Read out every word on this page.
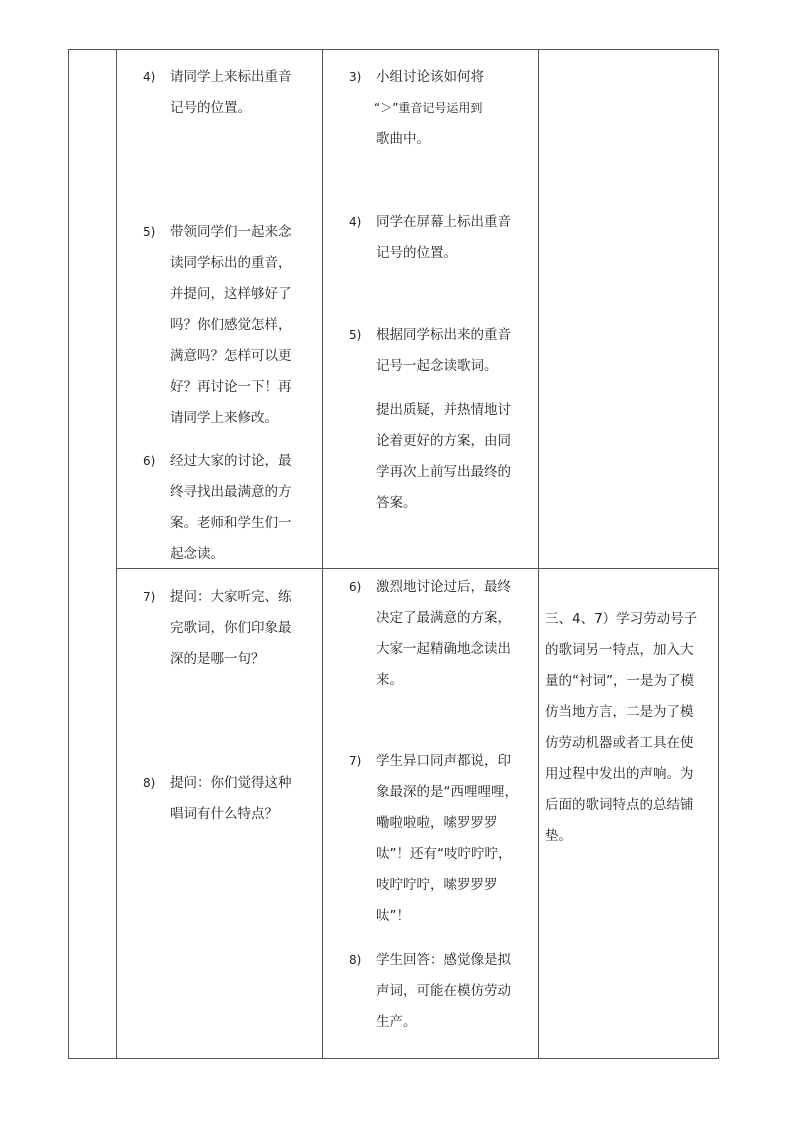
4) 请同学上来标出重音记号的位置。
5) 带领同学们一起来念读同学标出的重音，并提问，这样够好了吗？你们感觉怎样，满意吗？怎样可以更好？再讨论一下！再请同学上来修改。
6) 经过大家的讨论，最终寻找出最满意的方案。老师和学生们一起念读。
3) 小组讨论该如何将
“＞”重音记号运用到
歌曲中。
4) 同学在屏幕上标出重音记号的位置。
5) 根据同学标出来的重音记号一起念读歌词。
提出质疑，并热情地讨论着更好的方案，由同学再次上前写出最终的答案。
7) 提问：大家听完、练完歌词，你们印象最深的是哪一句？
8) 提问：你们觉得这种唱词有什么特点？
6) 激烈地讨论过后，最终决定了最满意的方案，大家一起精确地念读出来。
7) 学生异口同声都说，印象最深的是“西哩哩哩，嘞啦啦啦，嗦罗罗罗呔”！还有“吱咛咛咛，吱咛咛咛，嗦罗罗罗呔”！
8) 学生回答：感觉像是拟声词，可能在模仿劳动生产。
三、4、7）学习劳动号子的歌词另一特点，加入大量的“衬词”，一是为了模仿当地方言，二是为了模仿劳动机器或者工具在使用过程中发出的声响。为后面的歌词特点的总结铺垫。
